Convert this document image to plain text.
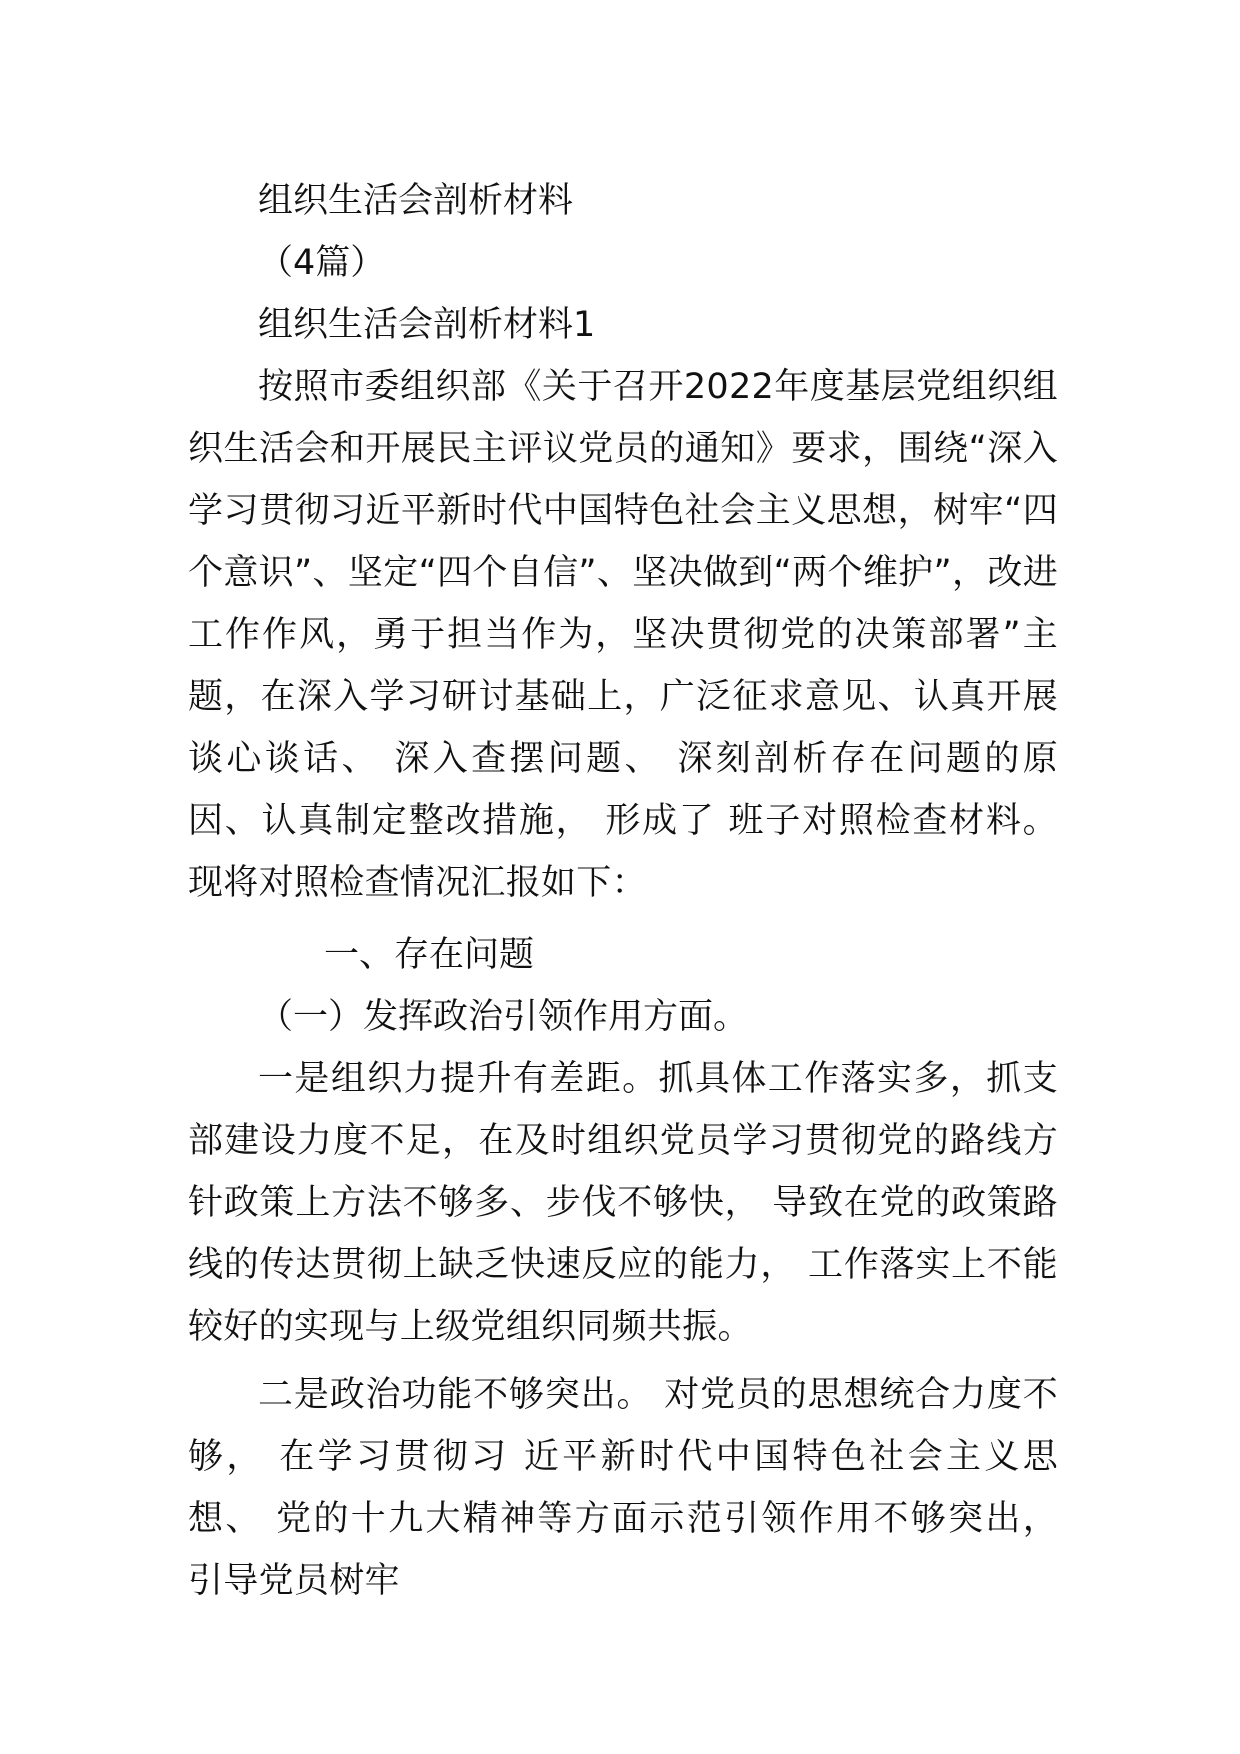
组织生活会剖析材料

（4篇）

组织生活会剖析材料1

按照市委组织部《关于召开2022年度基层党组织组织生活会和开展民主评议党员的通知》要求，围绕“深入学习贯彻习近平新时代中国特色社会主义思想，树牢“四个意识”、坚定“四个自信”、坚决做到“两个维护”，改进工作作风，勇于担当作为，坚决贯彻党的决策部署”主题，在深入学习研讨基础上，广泛征求意见、认真开展谈心谈话、 深入查摆问题、 深刻剖析存在问题的原因、认真制定整改措施， 形成了 班子对照检查材料。现将对照检查情况汇报如下：

一、存在问题

（一）发挥政治引领作用方面。

一是组织力提升有差距。抓具体工作落实多，抓支部建设力度不足，在及时组织党员学习贯彻党的路线方针政策上方法不够多、步伐不够快， 导致在党的政策路线的传达贯彻上缺乏快速反应的能力， 工作落实上不能较好的实现与上级党组织同频共振。

二是政治功能不够突出。 对党员的思想统合力度不够， 在学习贯彻习 近平新时代中国特色社会主义思想、 党的十九大精神等方面示范引领作用不够突出， 引导党员树牢
